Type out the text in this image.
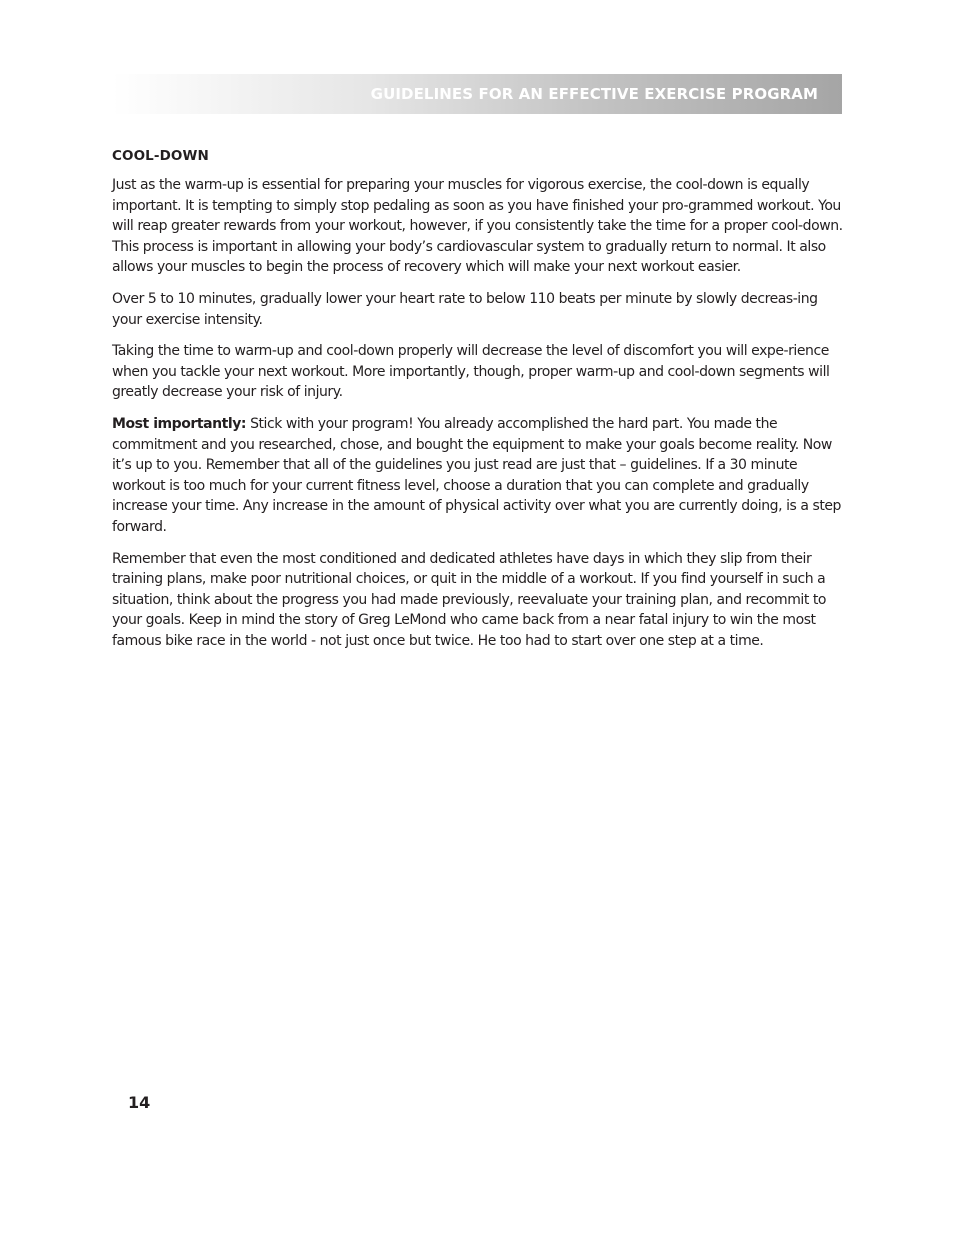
GUIDELINES FOR AN EFFECTIVE EXERCISE PROGRAM
COOL-DOWN

Just as the warm-up is essential for preparing your muscles for vigorous exercise, the cool-down is equally important. It is tempting to simply stop pedaling as soon as you have finished your pro-grammed workout. You will reap greater rewards from your workout, however, if you consistently take the time for a proper cool-down. This process is important in allowing your body’s cardiovascular system to gradually return to normal. It also allows your muscles to begin the process of recovery which will make your next workout easier.

Over 5 to 10 minutes, gradually lower your heart rate to below 110 beats per minute by slowly decreas-ing your exercise intensity.

Taking the time to warm-up and cool-down properly will decrease the level of discomfort you will expe-rience when you tackle your next workout. More importantly, though, proper warm-up and cool-down segments will greatly decrease your risk of injury.

Most importantly: Stick with your program! You already accomplished the hard part. You made the commitment and you researched, chose, and bought the equipment to make your goals become reality. Now it’s up to you. Remember that all of the guidelines you just read are just that – guidelines. If a 30 minute workout is too much for your current fitness level, choose a duration that you can complete and gradually increase your time. Any increase in the amount of physical activity over what you are currently doing, is a step forward.

Remember that even the most conditioned and dedicated athletes have days in which they slip from their training plans, make poor nutritional choices, or quit in the middle of a workout. If you find yourself in such a situation, think about the progress you had made previously, reevaluate your training plan, and recommit to your goals. Keep in mind the story of Greg LeMond who came back from a near fatal injury to win the most famous bike race in the world - not just once but twice. He too had to start over one step at a time.

14
